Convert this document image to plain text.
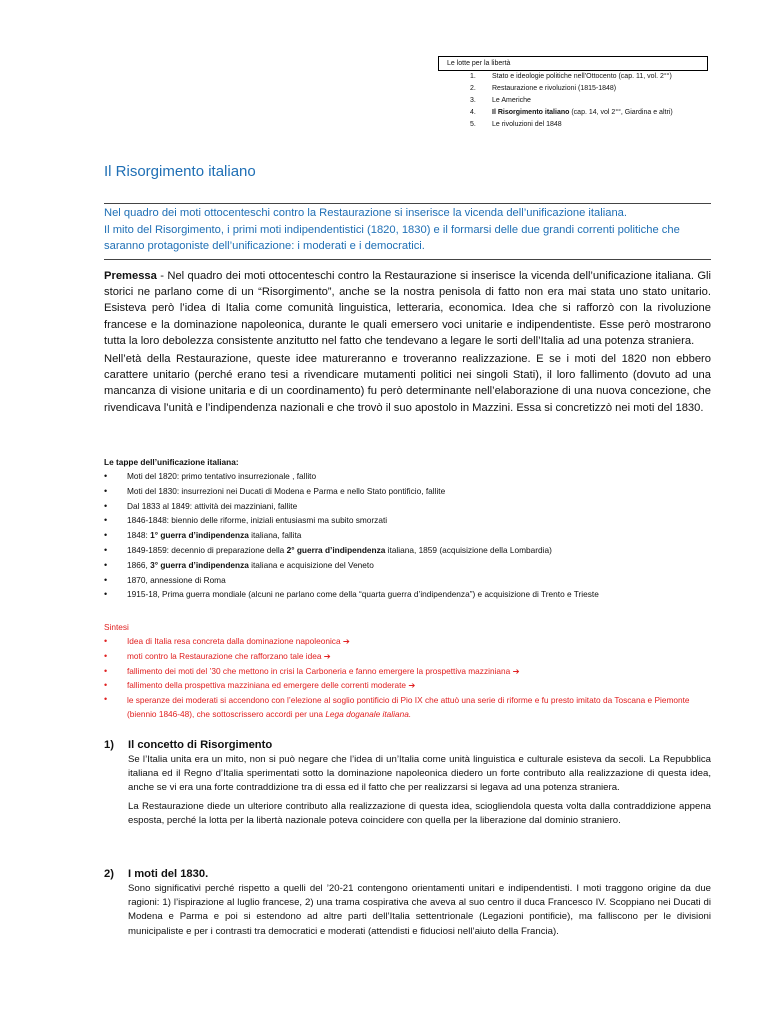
Le lotte per la libertà
1. Stato e ideologie politiche nell’Ottocento (cap. 11, vol. 2°°)
2. Restaurazione e rivoluzioni (1815-1848)
3. Le Americhe
4. Il Risorgimento italiano (cap. 14, vol 2°°, Giardina e altri)
5. Le rivoluzioni del 1848
Il Risorgimento italiano

Nel quadro dei moti ottocenteschi contro la Restaurazione si inserisce la vicenda dell’unificazione italiana.

Il mito del Risorgimento, i primi moti indipendentistici (1820, 1830) e il formarsi delle due grandi correnti politiche che saranno protagoniste dell’unificazione: i moderati e i democratici.

Premessa - Nel quadro dei moti ottocenteschi contro la Restaurazione si inserisce la vicenda dell’unificazione italiana. Gli storici ne parlano come di un “Risorgimento”, anche se la nostra penisola di fatto non era mai stata uno stato unitario. Esisteva però l’idea di Italia come comunità linguistica, letteraria, economica. Idea che si rafforzò con la rivoluzione francese e la dominazione napoleonica, durante le quali emersero voci unitarie e indipendentiste. Esse però mostrarono tutta la loro debolezza consistente anzitutto nel fatto che tendevano a legare le sorti dell’Italia ad una potenza straniera.

Nell’età della Restaurazione, queste idee matureranno e troveranno realizzazione. E se i moti del 1820 non ebbero carattere unitario (perché erano tesi a rivendicare mutamenti politici nei singoli Stati), il loro fallimento (dovuto ad una mancanza di visione unitaria e di un coordinamento) fu però determinante nell’elaborazione di una nuova concezione, che rivendicava l’unità e l’indipendenza nazionali e che trovò il suo apostolo in Mazzini. Essa si concretizzò nei moti del 1830.

Le tappe dell’unificazione italiana:
• Moti del 1820: primo tentativo insurrezionale , fallito
• Moti del 1830: insurrezioni nei Ducati di Modena e Parma e nello Stato pontificio, fallite
• Dal 1833 al 1849: attività dei mazziniani, fallite
• 1846-1848: biennio delle riforme, iniziali entusiasmi ma subito smorzati
• 1848: 1° guerra d’indipendenza italiana, fallita
• 1849-1859: decennio di preparazione della 2° guerra d’indipendenza italiana, 1859 (acquisizione della Lombardia)
• 1866, 3° guerra d’indipendenza italiana e acquisizione del Veneto
• 1870, annessione di Roma
• 1915-18, Prima guerra mondiale (alcuni ne parlano come della “quarta guerra d’indipendenza”) e acquisizione di Trento e Trieste
Sintesi
• Idea di Italia resa concreta dalla dominazione napoleonica ➔
• moti contro la Restaurazione che rafforzano tale idea ➔
• fallimento dei moti del ’30 che mettono in crisi la Carboneria e fanno emergere la prospettiva mazziniana ➔
• fallimento della prospettiva mazziniana ed emergere delle correnti moderate ➔
• le speranze dei moderati si accendono con l’elezione al soglio pontificio di Pio IX che attuò una serie di riforme e fu presto imitato da Toscana e Piemonte (biennio 1846-48), che sottoscrissero accordi per una Lega doganale italiana.
1) Il concetto di Risorgimento

Se l’Italia unita era un mito, non si può negare che l’idea di un’Italia come unità linguistica e culturale esisteva da secoli. La Repubblica italiana ed il Regno d’Italia sperimentati sotto la dominazione napoleonica diedero un forte contributo alla realizzazione di questa idea, anche se vi era una forte contraddizione tra di essa ed il fatto che per realizzarsi si legava ad una potenza straniera.

La Restaurazione diede un ulteriore contributo alla realizzazione di questa idea, sciogliendola questa volta dalla contraddizione appena esposta, perché la lotta per la libertà nazionale poteva coincidere con quella per la liberazione dal dominio straniero.

2) I moti del 1830.

Sono significativi perché rispetto a quelli del ’20-21 contengono orientamenti unitari e indipendentisti. I moti traggono origine da due ragioni: 1) l’ispirazione al luglio francese, 2) una trama cospirativa che aveva al suo centro il duca Francesco IV. Scoppiano nei Ducati di Modena e Parma e poi si estendono ad altre parti dell’Italia settentrionale (Legazioni pontificie), ma falliscono per le divisioni municipaliste e per i contrasti tra democratici e moderati (attendisti e fiduciosi nell’aiuto della Francia).
